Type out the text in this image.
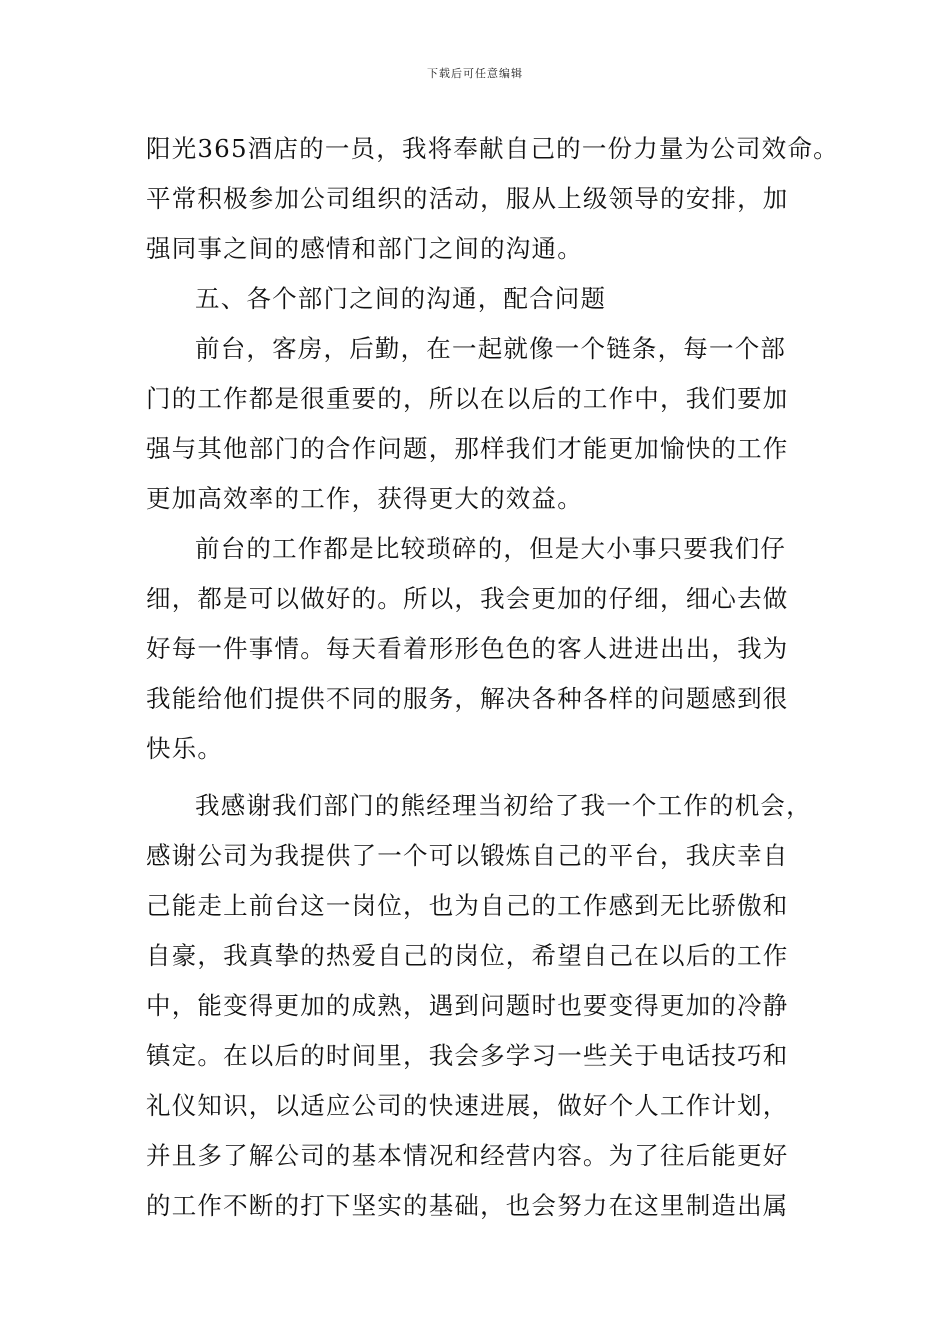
下载后可任意编辑
阳光365酒店的一员，我将奉献自己的一份力量为公司效命。
平常积极参加公司组织的活动，服从上级领导的安排，加
强同事之间的感情和部门之间的沟通。
五、各个部门之间的沟通，配合问题
前台，客房，后勤，在一起就像一个链条，每一个部
门的工作都是很重要的，所以在以后的工作中，我们要加
强与其他部门的合作问题，那样我们才能更加愉快的工作
更加高效率的工作，获得更大的效益。
前台的工作都是比较琐碎的，但是大小事只要我们仔
细，都是可以做好的。所以，我会更加的仔细，细心去做
好每一件事情。每天看着形形色色的客人进进出出，我为
我能给他们提供不同的服务，解决各种各样的问题感到很
快乐。
我感谢我们部门的熊经理当初给了我一个工作的机会，
感谢公司为我提供了一个可以锻炼自己的平台，我庆幸自
己能走上前台这一岗位，也为自己的工作感到无比骄傲和
自豪，我真挚的热爱自己的岗位，希望自己在以后的工作
中，能变得更加的成熟，遇到问题时也要变得更加的冷静
镇定。在以后的时间里，我会多学习一些关于电话技巧和
礼仪知识，以适应公司的快速进展，做好个人工作计划，
并且多了解公司的基本情况和经营内容。为了往后能更好
的工作不断的打下坚实的基础，也会努力在这里制造出属
